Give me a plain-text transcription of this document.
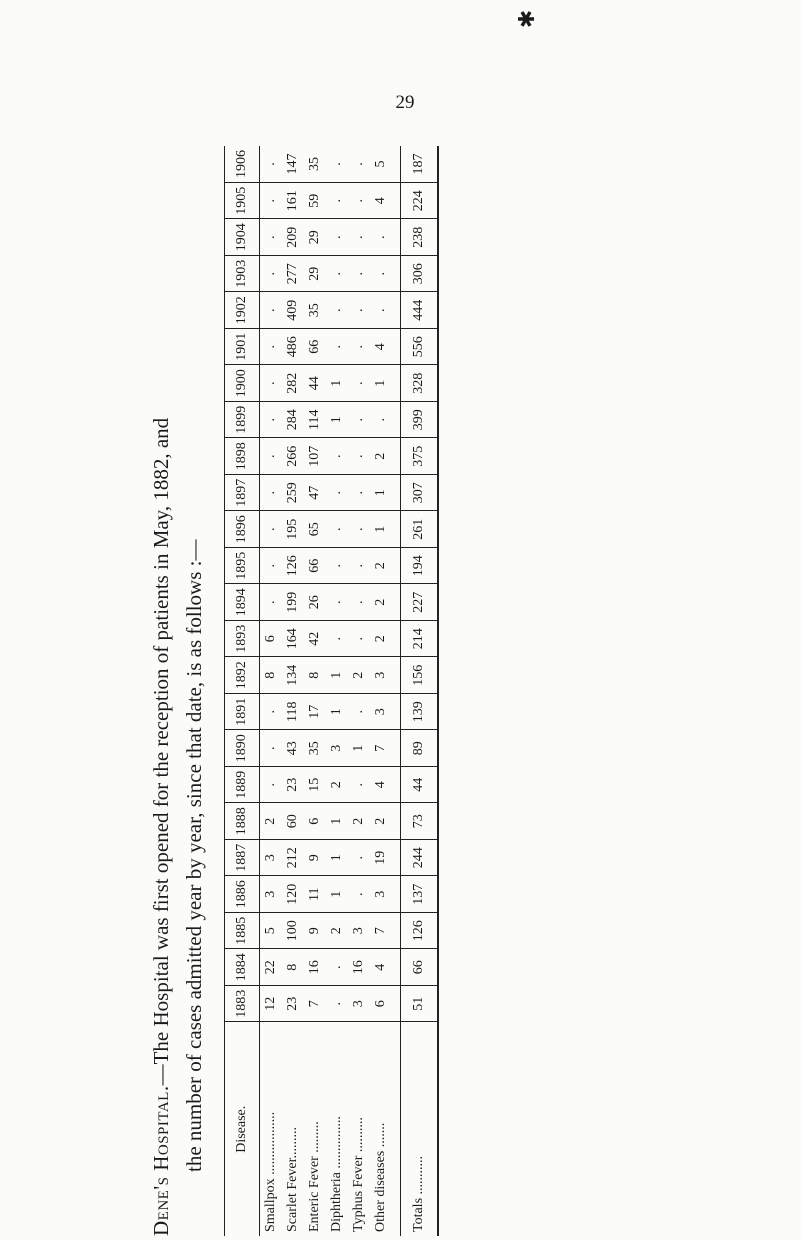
✱
29

Dene's Hospital.—The Hospital was first opened for the reception of patients in May, 1882, and the number of cases admitted year by year, since that date, is as follows :—	Disease.	1883	1884	1885	1886	1887	1888	1889	1890	1891	1892	1893	1894	1895	1896	1897	1898	1899	1900	1901	1902	1903	1904	1905	1906
Smallpox ..................	12	22	5	3	3	2	.	.	.	8	6	.	.	.	.	.	.	.	.	.	.	.	.	.
Scarlet Fever.........	23	8	100	120	212	60	23	43	118	134	164	199	126	195	259	266	284	282	486	409	277	209	161	147
Enteric Fever .........	7	16	9	11	9	6	15	35	17	8	42	26	66	65	47	107	114	44	66	35	29	29	59	35
Diphtheria ...............	.	.	2	1	1	1	2	3	1	1	.	.	.	.	.	.	1	1	.	.	.	.	.	.
Typhus Fever ..........	3	16	3	.	.	2	.	1	.	2	.	.	.	.	.	.	.	.	.	.	.	.	.	.
Other diseases .......	6	4	7	3	19	2	4	7	3	3	2	2	2	1	1	2	.	1	4	.	.	.	4	5

Totals ...........	51	66	126	137	244	73	44	89	139	156	214	227	194	261	307	375	399	328	556	444	306	238	224	187
